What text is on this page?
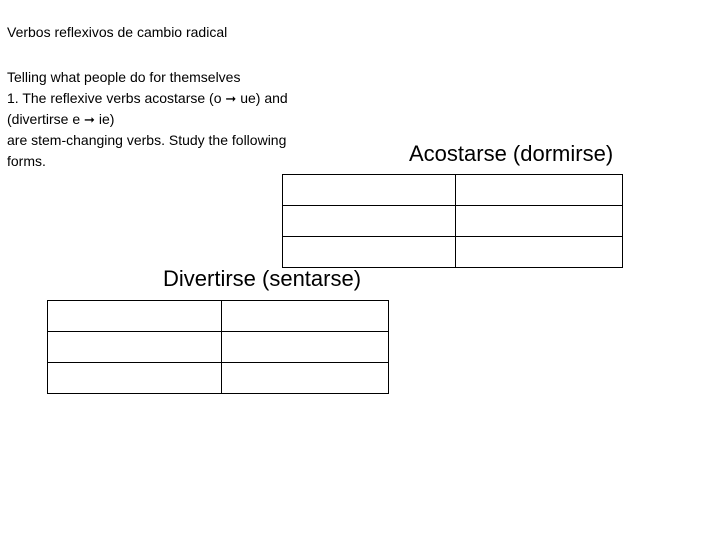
Verbos reflexivos de cambio radical
Telling what people do for themselves
1. The reflexive verbs acostarse (o ➞ ue) and
(divertirse e ➞ ie)
are stem-changing verbs. Study the following
forms.	Acostarse (dormirse)

Divertirse (sentarse)
